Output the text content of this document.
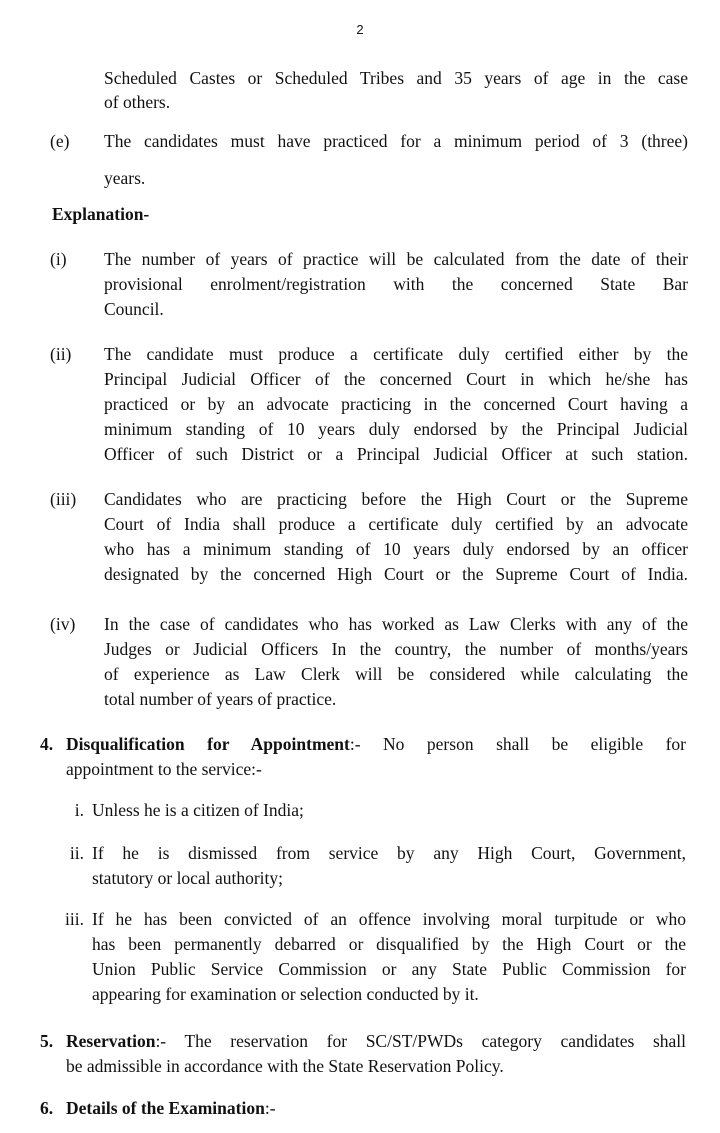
2
Scheduled Castes or Scheduled Tribes and 35 years of age in the case
of others.
(e) The candidates must have practiced for a minimum period of 3 (three)
years.
Explanation-
(i) The number of years of practice will be calculated from the date of their
provisional enrolment/registration with the concerned State Bar
Council.
(ii) The candidate must produce a certificate duly certified either by the
Principal Judicial Officer of the concerned Court in which he/she has
practiced or by an advocate practicing in the concerned Court having a
minimum standing of 10 years duly endorsed by the Principal Judicial
Officer of such District or a Principal Judicial Officer at such station.
(iii) Candidates who are practicing before the High Court or the Supreme
Court of India shall produce a certificate duly certified by an advocate
who has a minimum standing of 10 years duly endorsed by an officer
designated by the concerned High Court or the Supreme Court of India.
(iv) In the case of candidates who has worked as Law Clerks with any of the
Judges or Judicial Officers In the country, the number of months/years
of experience as Law Clerk will be considered while calculating the
total number of years of practice.
4. Disqualification for Appointment:- No person shall be eligible for
appointment to the service:-
i. Unless he is a citizen of India;
ii. If he is dismissed from service by any High Court, Government,
statutory or local authority;
iii. If he has been convicted of an offence involving moral turpitude or who
has been permanently debarred or disqualified by the High Court or the
Union Public Service Commission or any State Public Commission for
appearing for examination or selection conducted by it.
5. Reservation:- The reservation for SC/ST/PWDs category candidates shall
be admissible in accordance with the State Reservation Policy.
6. Details of the Examination:-
